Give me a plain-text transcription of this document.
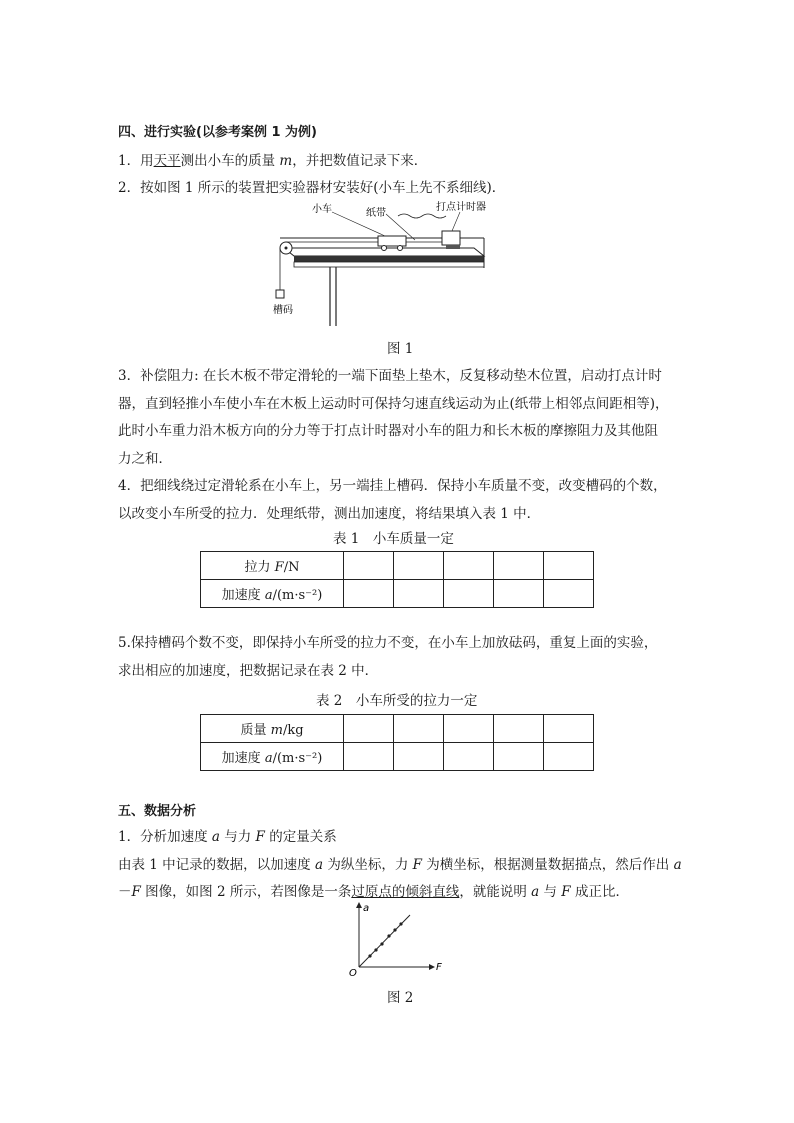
四、进行实验(以参考案例 1 为例)
1．用天平测出小车的质量 m，并把数值记录下来．
2．按如图 1 所示的装置把实验器材安装好(小车上先不系细线)．
小车	纸带
打点计时器
槽码
图 1
3．补偿阻力: 在长木板不带定滑轮的一端下面垫上垫木，反复移动垫木位置，启动打点计时
器，直到轻推小车使小车在木板上运动时可保持匀速直线运动为止(纸带上相邻点间距相等)，
此时小车重力沿木板方向的分力等于打点计时器对小车的阻力和长木板的摩擦阻力及其他阻
力之和．
4．把细线绕过定滑轮系在小车上，另一端挂上槽码．保持小车质量不变，改变槽码的个数，
以改变小车所受的拉力．处理纸带，测出加速度，将结果填入表 1 中．
表 1　小车质量一定
拉力 F/N					
加速度 a/(m·s⁻²)					
5.保持槽码个数不变，即保持小车所受的拉力不变，在小车上加放砝码，重复上面的实验，
求出相应的加速度，把数据记录在表 2 中．
表 2　小车所受的拉力一定
质量 m/kg					
加速度 a/(m·s⁻²)					
五、数据分析
1．分析加速度 a 与力 F 的定量关系
由表 1 中记录的数据，以加速度 a 为纵坐标，力 F 为横坐标，根据测量数据描点，然后作出 a
－F 图像，如图 2 所示，若图像是一条过原点的倾斜直线，就能说明 a 与 F 成正比．
a
F
O
图 2
